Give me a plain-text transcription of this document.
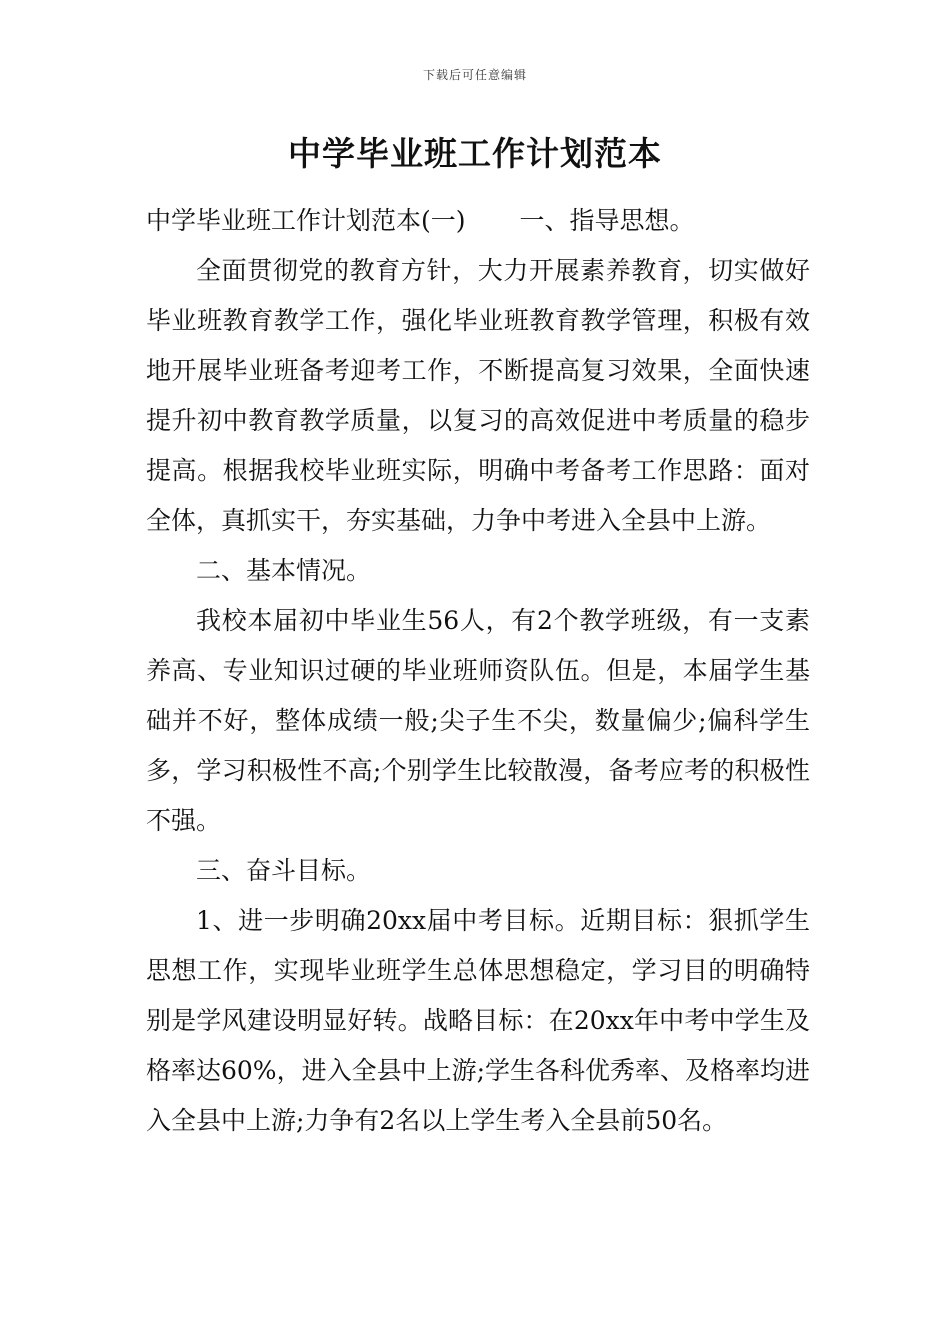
下载后可任意编辑
中学毕业班工作计划范本

中学毕业班工作计划范本(一) 一、指导思想。

全面贯彻党的教育方针，大力开展素养教育，切实做好毕业班教育教学工作，强化毕业班教育教学管理，积极有效地开展毕业班备考迎考工作，不断提高复习效果，全面快速提升初中教育教学质量，以复习的高效促进中考质量的稳步提高。根据我校毕业班实际，明确中考备考工作思路：面对全体，真抓实干，夯实基础，力争中考进入全县中上游。

二、基本情况。

我校本届初中毕业生56人，有2个教学班级，有一支素养高、专业知识过硬的毕业班师资队伍。但是，本届学生基础并不好，整体成绩一般;尖子生不尖，数量偏少;偏科学生多，学习积极性不高;个别学生比较散漫，备考应考的积极性不强。

三、奋斗目标。

1、进一步明确20xx届中考目标。近期目标：狠抓学生思想工作，实现毕业班学生总体思想稳定，学习目的明确特别是学风建设明显好转。战略目标：在20xx年中考中学生及格率达60%，进入全县中上游;学生各科优秀率、及格率均进入全县中上游;力争有2名以上学生考入全县前50名。
